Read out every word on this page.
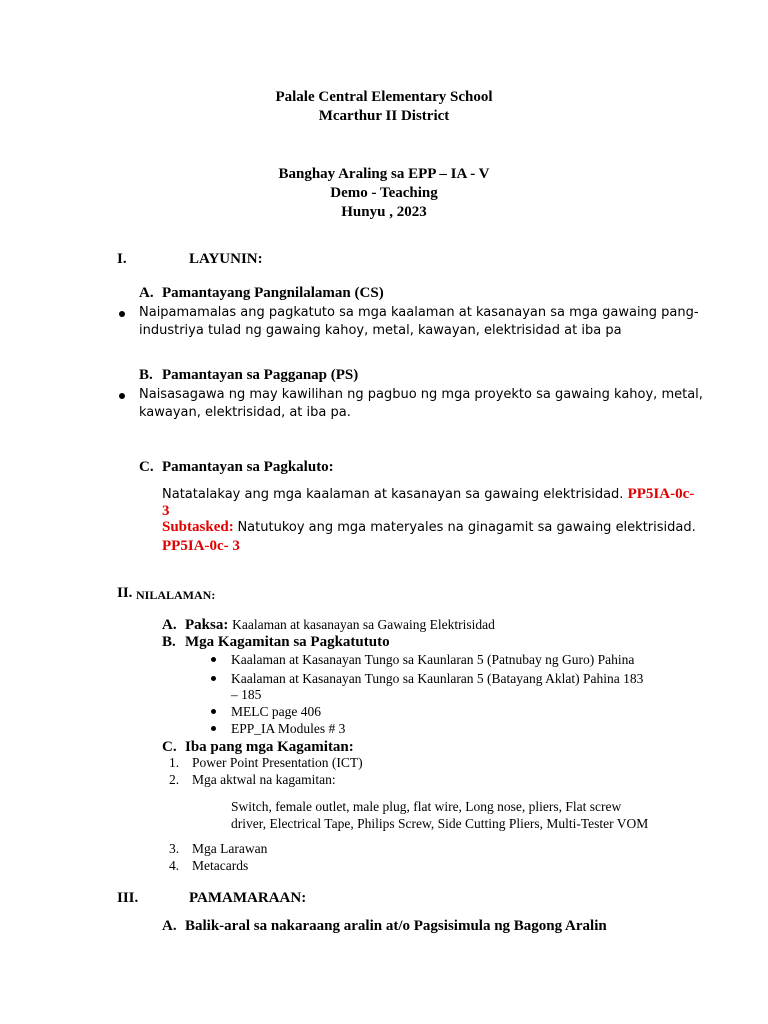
Palale Central Elementary School
Mcarthur II District
Banghay Araling sa EPP – IA - V
Demo - Teaching
Hunyu , 2023
I.	LAYUNIN:
A. Pamantayang Pangnilalaman (CS)
Naipamamalas ang pagkatuto sa mga kaalaman at kasanayan sa mga gawaing pang-
industriya tulad ng gawaing kahoy, metal, kawayan, elektrisidad at iba pa
B. Pamantayan sa Pagganap (PS)
Naisasagawa ng may kawilihan ng pagbuo ng mga proyekto sa gawaing kahoy, metal,
kawayan, elektrisidad, at iba pa.
C. Pamantayan sa Pagkaluto:
Natatalakay ang mga kaalaman at kasanayan sa gawaing elektrisidad. PP5IA-0c-
3
Subtasked: Natutukoy ang mga materyales na ginagamit sa gawaing elektrisidad.
PP5IA-0c- 3
II. NILALAMAN:
A. Paksa: Kaalaman at kasanayan sa Gawaing Elektrisidad
B. Mga Kagamitan sa Pagkatututo
Kaalaman at Kasanayan Tungo sa Kaunlaran 5 (Patnubay ng Guro) Pahina
Kaalaman at Kasanayan Tungo sa Kaunlaran 5 (Batayang Aklat) Pahina 183
– 185
MELC page 406
EPP_IA Modules # 3
C. Iba pang mga Kagamitan:
1. Power Point Presentation (ICT)
2. Mga aktwal na kagamitan:
Switch, female outlet, male plug, flat wire, Long nose, pliers, Flat screw
driver, Electrical Tape, Philips Screw, Side Cutting Pliers, Multi-Tester VOM
3. Mga Larawan
4. Metacards
III.	PAMAMARAAN:
A. Balik-aral sa nakaraang aralin at/o Pagsisimula ng Bagong Aralin
